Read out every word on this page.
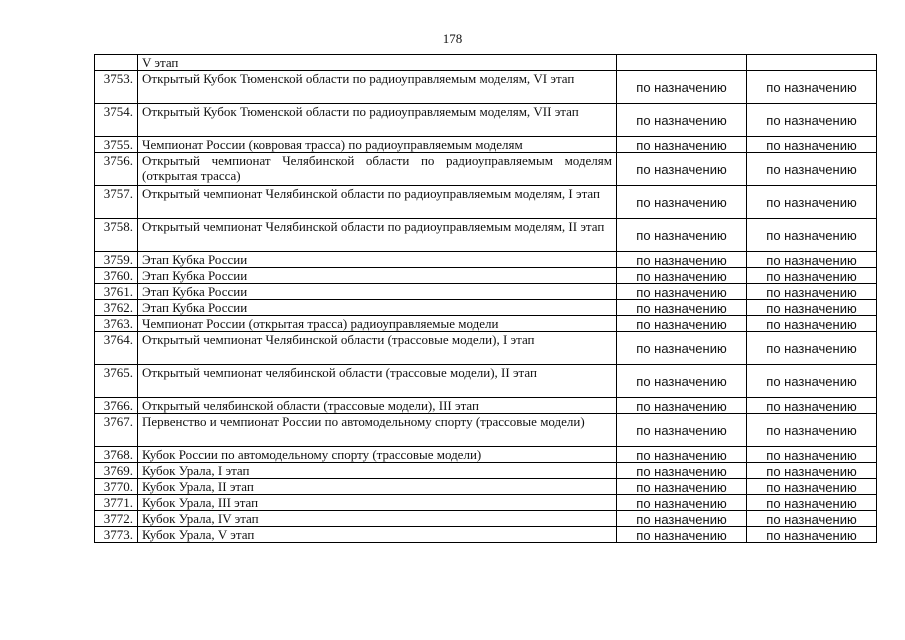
178
	V этап		
3753.	Открытый Кубок Тюменской области по радиоуправляемым моделям, VI этап	по назначению	по назначению
3754.	Открытый Кубок Тюменской области по радиоуправляемым моделям, VII этап	по назначению	по назначению
3755.	Чемпионат России (ковровая трасса) по радиоуправляемым моделям	по назначению	по назначению
3756.	Открытый чемпионат Челябинской области по радиоуправляемым моделям (открытая трасса)	по назначению	по назначению
3757.	Открытый чемпионат Челябинской области по радиоуправляемым моделям, I этап	по назначению	по назначению
3758.	Открытый чемпионат Челябинской области по радиоуправляемым моделям, II этап	по назначению	по назначению
3759.	Этап Кубка России	по назначению	по назначению
3760.	Этап Кубка России	по назначению	по назначению
3761.	Этап Кубка России	по назначению	по назначению
3762.	Этап Кубка России	по назначению	по назначению
3763.	Чемпионат России (открытая трасса) радиоуправляемые модели	по назначению	по назначению
3764.	Открытый чемпионат Челябинской области (трассовые модели), I этап	по назначению	по назначению
3765.	Открытый чемпионат челябинской области (трассовые модели), II этап	по назначению	по назначению
3766.	Открытый челябинской области (трассовые модели), III этап	по назначению	по назначению
3767.	Первенство и чемпионат России по автомодельному спорту (трассовые модели)	по назначению	по назначению
3768.	Кубок России по автомодельному спорту (трассовые модели)	по назначению	по назначению
3769.	Кубок Урала, I этап	по назначению	по назначению
3770.	Кубок Урала, II этап	по назначению	по назначению
3771.	Кубок Урала, III этап	по назначению	по назначению
3772.	Кубок Урала, IV этап	по назначению	по назначению
3773.	Кубок Урала, V этап	по назначению	по назначению
